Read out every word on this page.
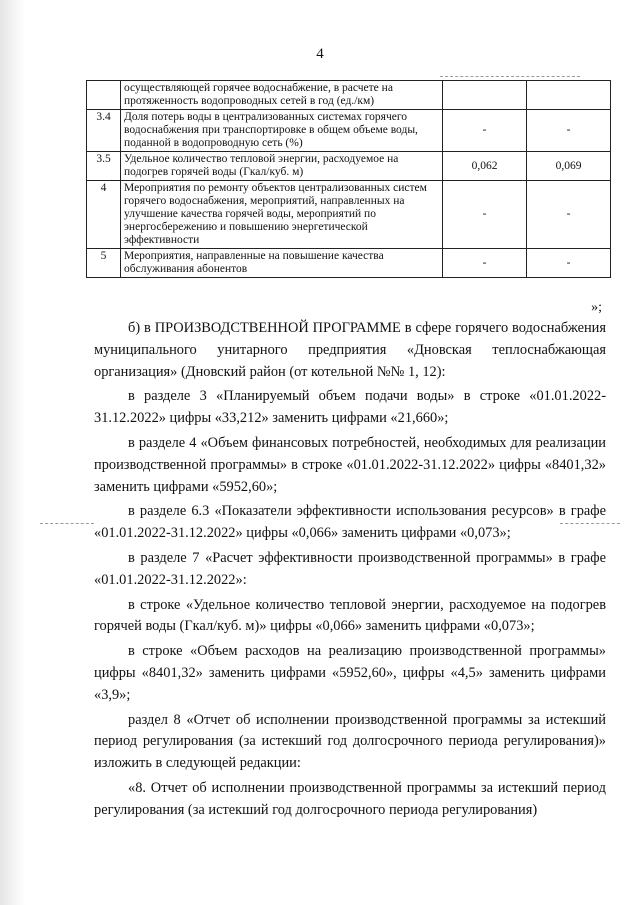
4
	осуществляющей горячее водоснабжение, в расчете на протяженность водопроводных сетей в год (ед./км)		
3.4	Доля потерь воды в централизованных системах горячего водоснабжения при транспортировке в общем объеме воды, поданной в водопроводную сеть (%)	-	-
3.5	Удельное количество тепловой энергии, расходуемое на подогрев горячей воды (Гкал/куб. м)	0,062	0,069
4	Мероприятия по ремонту объектов централизованных систем горячего водоснабжения, мероприятий, направленных на улучшение качества горячей воды, мероприятий по энергосбережению и повышению энергетической эффективности	-	-
5	Мероприятия, направленные на повышение качества обслуживания абонентов	-	-
»;

б) в ПРОИЗВОДСТВЕННОЙ ПРОГРАММЕ в сфере горячего водоснабжения муниципального унитарного предприятия «Дновская теплоснабжающая организация» (Дновский район (от котельной №№ 1, 12):

в разделе 3 «Планируемый объем подачи воды» в строке «01.01.2022-31.12.2022» цифры «33,212» заменить цифрами «21,660»;

в разделе 4 «Объем финансовых потребностей, необходимых для реализации производственной программы» в строке «01.01.2022-31.12.2022» цифры «8401,32» заменить цифрами «5952,60»;

в разделе 6.3 «Показатели эффективности использования ресурсов» в графе «01.01.2022-31.12.2022» цифры «0,066» заменить цифрами «0,073»;

в разделе 7 «Расчет эффективности производственной программы» в графе «01.01.2022-31.12.2022»:

в строке «Удельное количество тепловой энергии, расходуемое на подогрев горячей воды (Гкал/куб. м)» цифры «0,066» заменить цифрами «0,073»;

в строке «Объем расходов на реализацию производственной программы» цифры «8401,32» заменить цифрами «5952,60», цифры «4,5» заменить цифрами «3,9»;

раздел 8 «Отчет об исполнении производственной программы за истекший период регулирования (за истекший год долгосрочного периода регулирования)» изложить в следующей редакции:

«8. Отчет об исполнении производственной программы за истекший период регулирования (за истекший год долгосрочного периода регулирования)
